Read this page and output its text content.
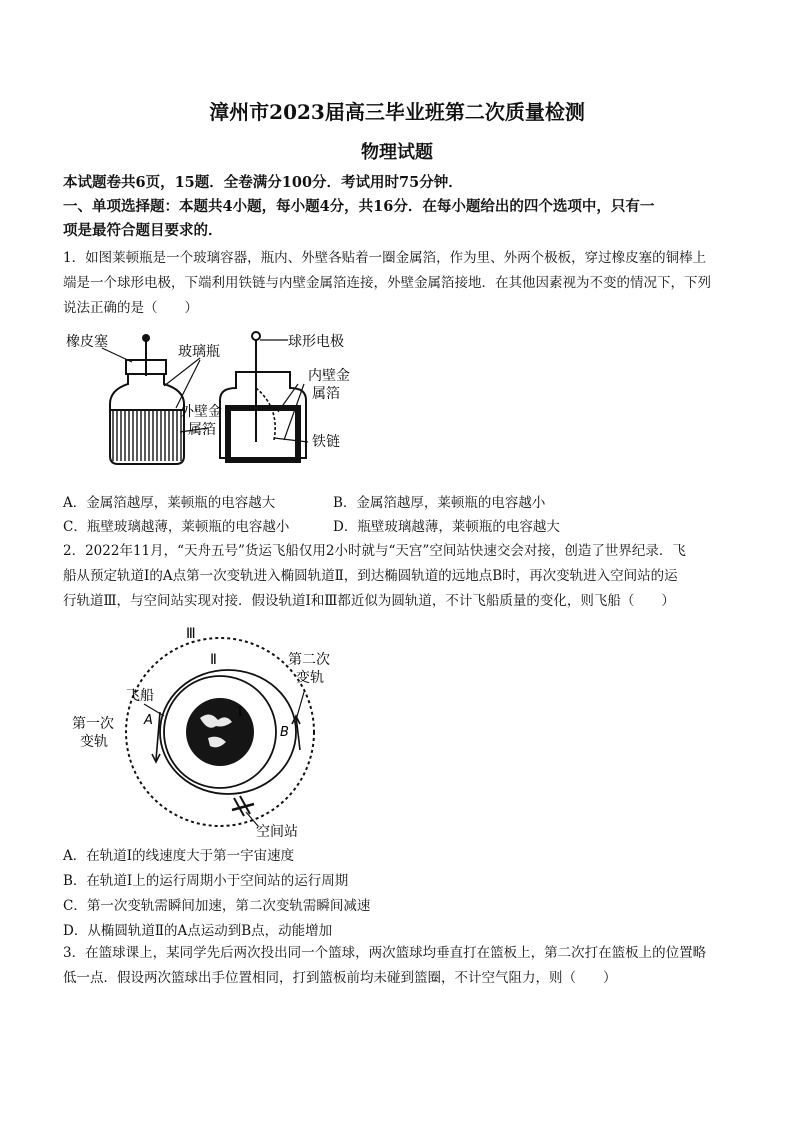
漳州市2023届高三毕业班第二次质量检测
物理试题
本试题卷共6页，15题．全卷满分100分．考试用时75分钟．
一、单项选择题：本题共4小题，每小题4分，共16分．在每小题给出的四个选项中，只有一
项是最符合题目要求的．
1．如图莱顿瓶是一个玻璃容器，瓶内、外壁各贴着一圈金属箔，作为里、外两个极板，穿过橡皮塞的铜棒上
端是一个球形电极，下端利用铁链与内壁金属箔连接，外壁金属箔接地．在其他因素视为不变的情况下，下列
说法正确的是（　　）
橡皮塞
玻璃瓶
外壁金
属箔
球形电极
内壁金
属箔
铁链
A．金属箔越厚，莱顿瓶的电容越大	B．金属箔越厚，莱顿瓶的电容越小
C．瓶壁玻璃越薄，莱顿瓶的电容越小	D．瓶壁玻璃越薄，莱顿瓶的电容越大
2．2022年11月，“天舟五号”货运飞船仅用2小时就与“天宫”空间站快速交会对接，创造了世界纪录．飞
船从预定轨道Ⅰ的A点第一次变轨进入椭圆轨道Ⅱ，到达椭圆轨道的远地点B时，再次变轨进入空间站的运
行轨道Ⅲ，与空间站实现对接．假设轨道Ⅰ和Ⅲ都近似为圆轨道，不计飞船质量的变化，则飞船（　　）
Ⅲ
Ⅱ
Ⅰ
飞船
A
B
第一次
变轨
第二次
变轨
空间站
A．在轨道Ⅰ的线速度大于第一宇宙速度
B．在轨道Ⅰ上的运行周期小于空间站的运行周期
C．第一次变轨需瞬间加速，第二次变轨需瞬间减速
D．从椭圆轨道Ⅱ的A点运动到B点，动能增加
3．在篮球课上，某同学先后两次投出同一个篮球，两次篮球均垂直打在篮板上，第二次打在篮板上的位置略
低一点．假设两次篮球出手位置相同，打到篮板前均未碰到篮圈，不计空气阻力，则（　　）
